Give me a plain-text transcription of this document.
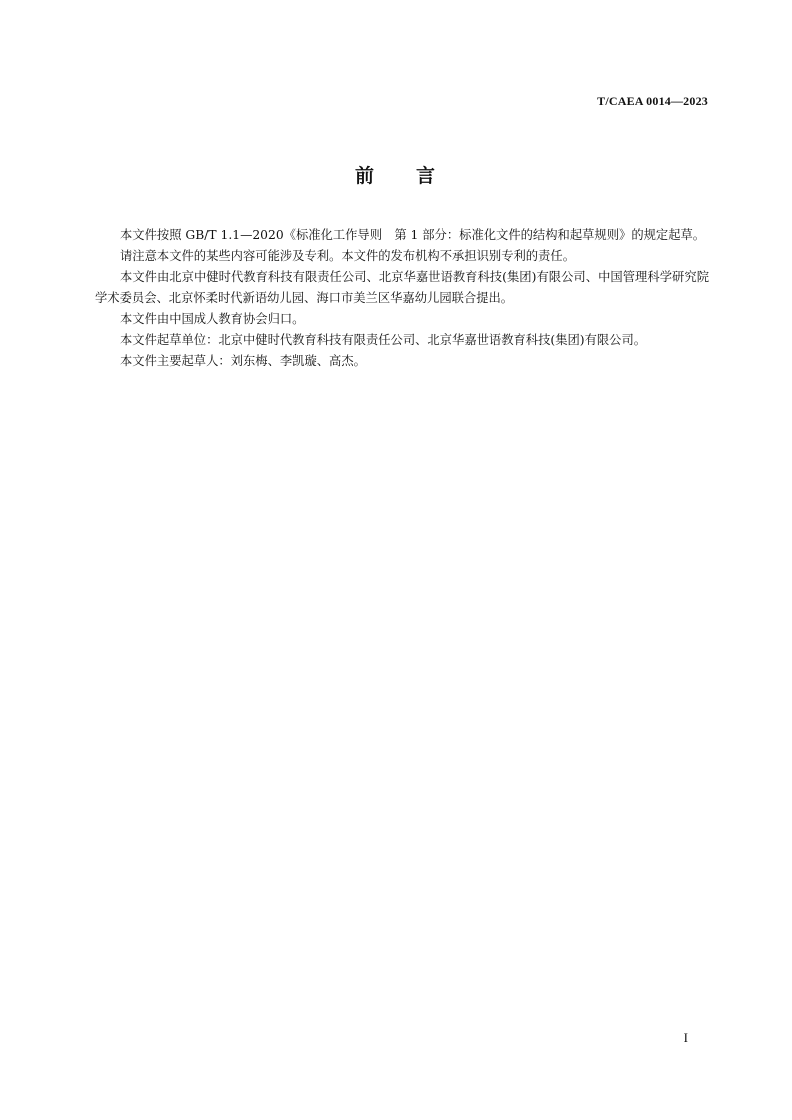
T/CAEA 0014—2023
前 言

本文件按照 GB/T 1.1—2020《标准化工作导则　第 1 部分：标准化文件的结构和起草规则》的规定起草。

请注意本文件的某些内容可能涉及专利。本文件的发布机构不承担识别专利的责任。

本文件由北京中健时代教育科技有限责任公司、北京华嘉世语教育科技(集团)有限公司、中国管理科学研究院学术委员会、北京怀柔时代新语幼儿园、海口市美兰区华嘉幼儿园联合提出。

本文件由中国成人教育协会归口。

本文件起草单位：北京中健时代教育科技有限责任公司、北京华嘉世语教育科技(集团)有限公司。

本文件主要起草人：刘东梅、李凯璇、高杰。

I
